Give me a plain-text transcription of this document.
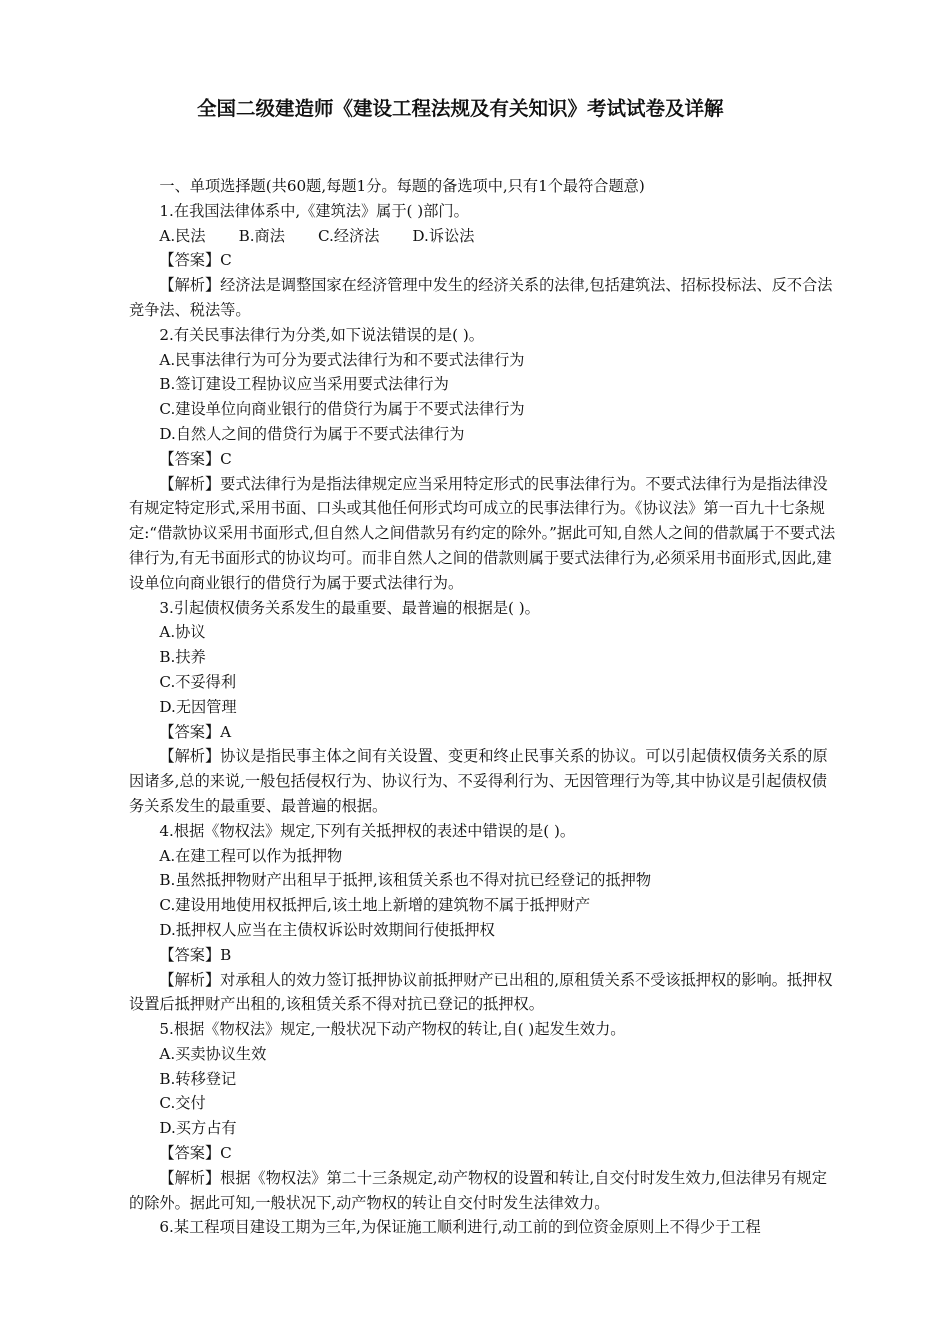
全国二级建造师《建设工程法规及有关知识》考试试卷及详解

一、单项选择题(共60题,每题1分。每题的备选项中,只有1个最符合题意)

1.在我国法律体系中,《建筑法》属于( )部门。

A.民法 B.商法 C.经济法 D.诉讼法

【答案】C

【解析】经济法是调整国家在经济管理中发生的经济关系的法律,包括建筑法、招标投标法、反不合法竞争法、税法等。

2.有关民事法律行为分类,如下说法错误的是( )。

A.民事法律行为可分为要式法律行为和不要式法律行为

B.签订建设工程协议应当采用要式法律行为

C.建设单位向商业银行的借贷行为属于不要式法律行为

D.自然人之间的借贷行为属于不要式法律行为

【答案】C

【解析】要式法律行为是指法律规定应当采用特定形式的民事法律行为。不要式法律行为是指法律没有规定特定形式,采用书面、口头或其他任何形式均可成立的民事法律行为。《协议法》第一百九十七条规定:“借款协议采用书面形式,但自然人之间借款另有约定的除外。”据此可知,自然人之间的借款属于不要式法律行为,有无书面形式的协议均可。而非自然人之间的借款则属于要式法律行为,必须采用书面形式,因此,建设单位向商业银行的借贷行为属于要式法律行为。

3.引起债权债务关系发生的最重要、最普遍的根据是( )。

A.协议

B.扶养

C.不妥得利

D.无因管理

【答案】A

【解析】协议是指民事主体之间有关设置、变更和终止民事关系的协议。可以引起债权债务关系的原因诸多,总的来说,一般包括侵权行为、协议行为、不妥得利行为、无因管理行为等,其中协议是引起债权债务关系发生的最重要、最普遍的根据。

4.根据《物权法》规定,下列有关抵押权的表述中错误的是( )。

A.在建工程可以作为抵押物

B.虽然抵押物财产出租早于抵押,该租赁关系也不得对抗已经登记的抵押物

C.建设用地使用权抵押后,该土地上新增的建筑物不属于抵押财产

D.抵押权人应当在主债权诉讼时效期间行使抵押权

【答案】B

【解析】对承租人的效力签订抵押协议前抵押财产已出租的,原租赁关系不受该抵押权的影响。抵押权设置后抵押财产出租的,该租赁关系不得对抗已登记的抵押权。

5.根据《物权法》规定,一般状况下动产物权的转让,自( )起发生效力。

A.买卖协议生效

B.转移登记

C.交付

D.买方占有

【答案】C

【解析】根据《物权法》第二十三条规定,动产物权的设置和转让,自交付时发生效力,但法律另有规定的除外。据此可知,一般状况下,动产物权的转让自交付时发生法律效力。

6.某工程项目建设工期为三年,为保证施工顺利进行,动工前的到位资金原则上不得少于工程
